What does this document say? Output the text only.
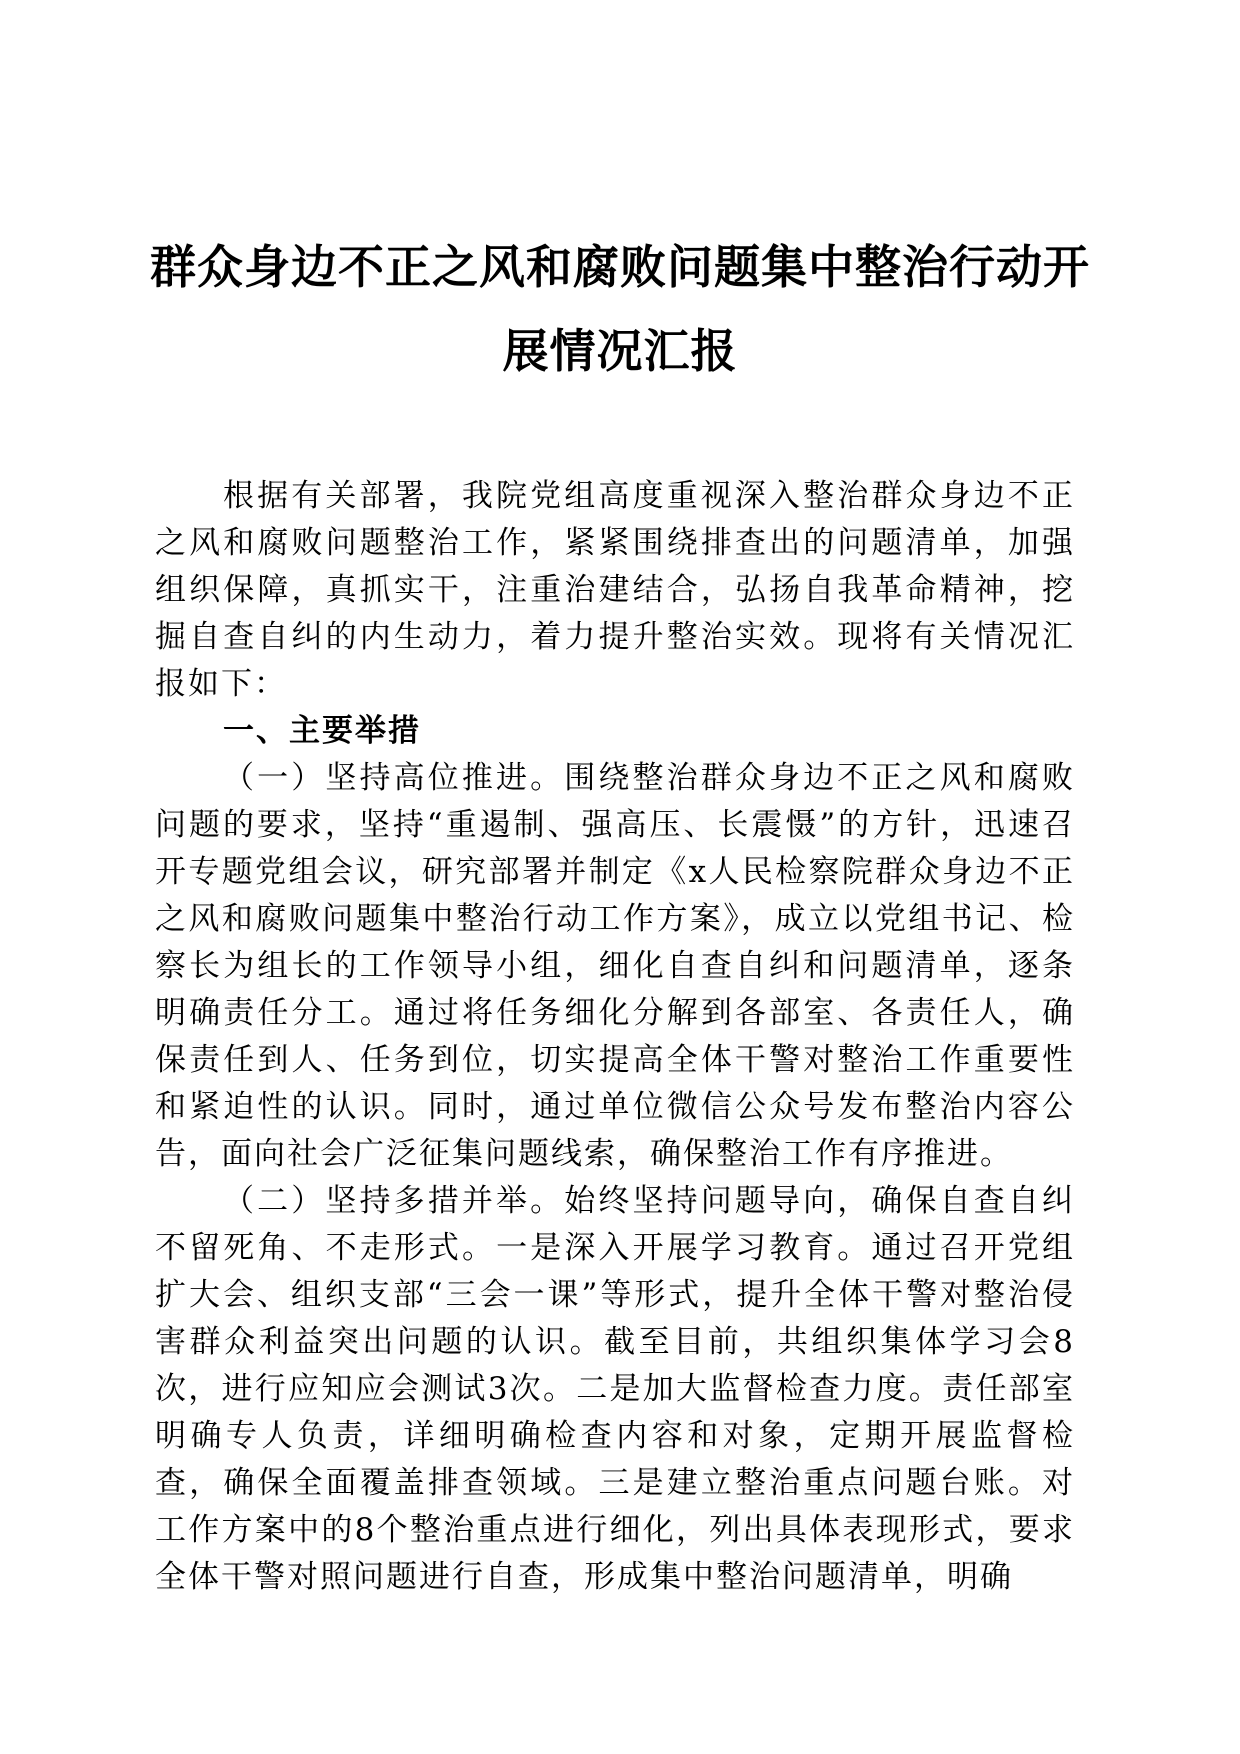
群众身边不正之风和腐败问题集中整治行动开
展情况汇报

根据有关部署，我院党组高度重视深入整治群众身边不正之风和腐败问题整治工作，紧紧围绕排查出的问题清单，加强组织保障，真抓实干，注重治建结合，弘扬自我革命精神，挖掘自查自纠的内生动力，着力提升整治实效。现将有关情况汇报如下：

一、主要举措

（一）坚持高位推进。围绕整治群众身边不正之风和腐败问题的要求，坚持“重遏制、强高压、长震慑”的方针，迅速召开专题党组会议，研究部署并制定《x人民检察院群众身边不正之风和腐败问题集中整治行动工作方案》，成立以党组书记、检察长为组长的工作领导小组，细化自查自纠和问题清单，逐条明确责任分工。通过将任务细化分解到各部室、各责任人，确保责任到人、任务到位，切实提高全体干警对整治工作重要性和紧迫性的认识。同时，通过单位微信公众号发布整治内容公告，面向社会广泛征集问题线索，确保整治工作有序推进。

（二）坚持多措并举。始终坚持问题导向，确保自查自纠不留死角、不走形式。一是深入开展学习教育。通过召开党组扩大会、组织支部“三会一课”等形式，提升全体干警对整治侵害群众利益突出问题的认识。截至目前，共组织集体学习会8次，进行应知应会测试3次。二是加大监督检查力度。责任部室明确专人负责，详细明确检查内容和对象，定期开展监督检查，确保全面覆盖排查领域。三是建立整治重点问题台账。对工作方案中的8个整治重点进行细化，列出具体表现形式，要求全体干警对照问题进行自查，形成集中整治问题清单，明确
